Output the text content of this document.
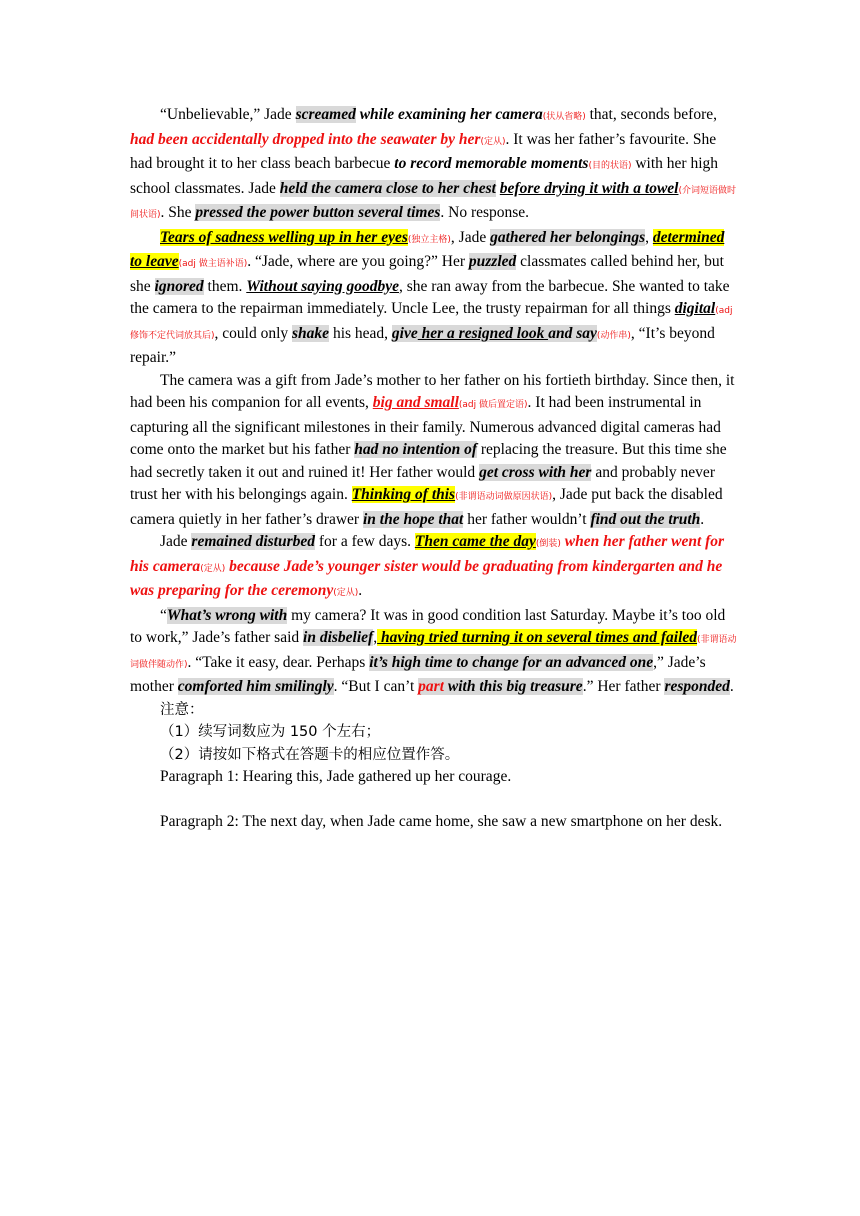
“Unbelievable,” Jade screamed while examining her camera(状从省略) that, seconds before, had been accidentally dropped into the seawater by her(定从). It was her father’s favourite. She had brought it to her class beach barbecue to record memorable moments(目的状语) with her high school classmates. Jade held the camera close to her chest before drying it with a towel(介词短语做时间状语). She pressed the power button several times. No response.

Tears of sadness welling up in her eyes(独立主格), Jade gathered her belongings, determined to leave(adj 做主语补语). “Jade, where are you going?” Her puzzled classmates called behind her, but she ignored them. Without saying goodbye, she ran away from the barbecue. She wanted to take the camera to the repairman immediately. Uncle Lee, the trusty repairman for all things digital(adj 修饰不定代词放其后), could only shake his head, give her a resigned look and say(动作串), “It’s beyond repair.”

The camera was a gift from Jade’s mother to her father on his fortieth birthday. Since then, it had been his companion for all events, big and small(adj 做后置定语). It had been instrumental in capturing all the significant milestones in their family. Numerous advanced digital cameras had come onto the market but his father had no intention of replacing the treasure. But this time she had secretly taken it out and ruined it! Her father would get cross with her and probably never trust her with his belongings again. Thinking of this(非谓语动词做原因状语), Jade put back the disabled camera quietly in her father’s drawer in the hope that her father wouldn’t find out the truth.

Jade remained disturbed for a few days. Then came the day(倒装) when her father went for his camera(定从) because Jade’s younger sister would be graduating from kindergarten and he was preparing for the ceremony(定从).

“What’s wrong with my camera? It was in good condition last Saturday. Maybe it’s too old to work,” Jade’s father said in disbelief, having tried turning it on several times and failed(非谓语动词做伴随动作). “Take it easy, dear. Perhaps it’s high time to change for an advanced one,” Jade’s mother comforted him smilingly. “But I can’t part with this big treasure.” Her father responded.

注意：

（1）续写词数应为 150 个左右；

（2）请按如下格式在答题卡的相应位置作答。

Paragraph 1: Hearing this, Jade gathered up her courage.

Paragraph 2: The next day, when Jade came home, she saw a new smartphone on her desk.
